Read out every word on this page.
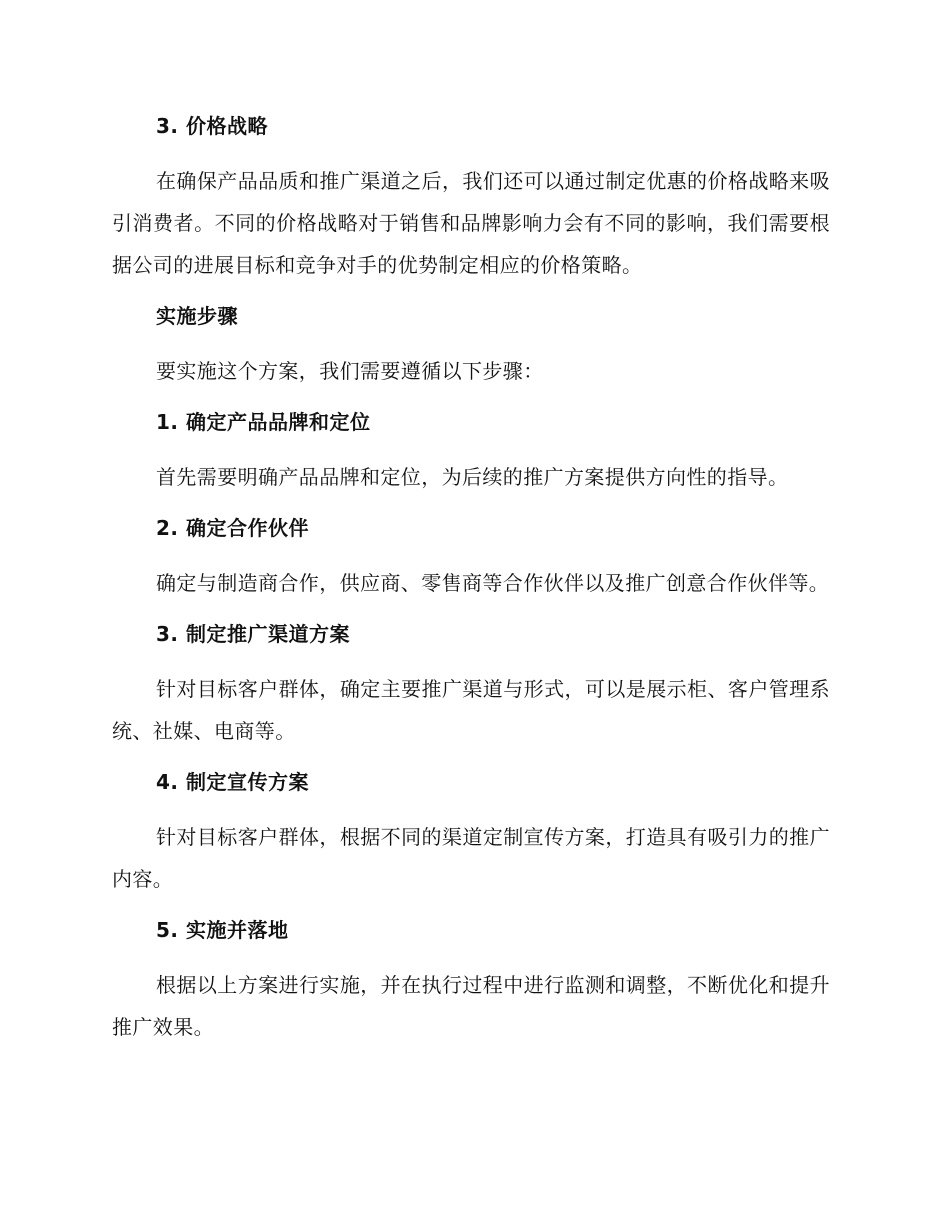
3. 价格战略
在确保产品品质和推广渠道之后，我们还可以通过制定优惠的价格战略来吸引消费者。不同的价格战略对于销售和品牌影响力会有不同的影响，我们需要根据公司的进展目标和竞争对手的优势制定相应的价格策略。
实施步骤
要实施这个方案，我们需要遵循以下步骤：
1. 确定产品品牌和定位
首先需要明确产品品牌和定位，为后续的推广方案提供方向性的指导。
2. 确定合作伙伴
确定与制造商合作，供应商、零售商等合作伙伴以及推广创意合作伙伴等。
3. 制定推广渠道方案
针对目标客户群体，确定主要推广渠道与形式，可以是展示柜、客户管理系统、社媒、电商等。
4. 制定宣传方案
针对目标客户群体，根据不同的渠道定制宣传方案，打造具有吸引力的推广内容。
5. 实施并落地
根据以上方案进行实施，并在执行过程中进行监测和调整，不断优化和提升推广效果。
